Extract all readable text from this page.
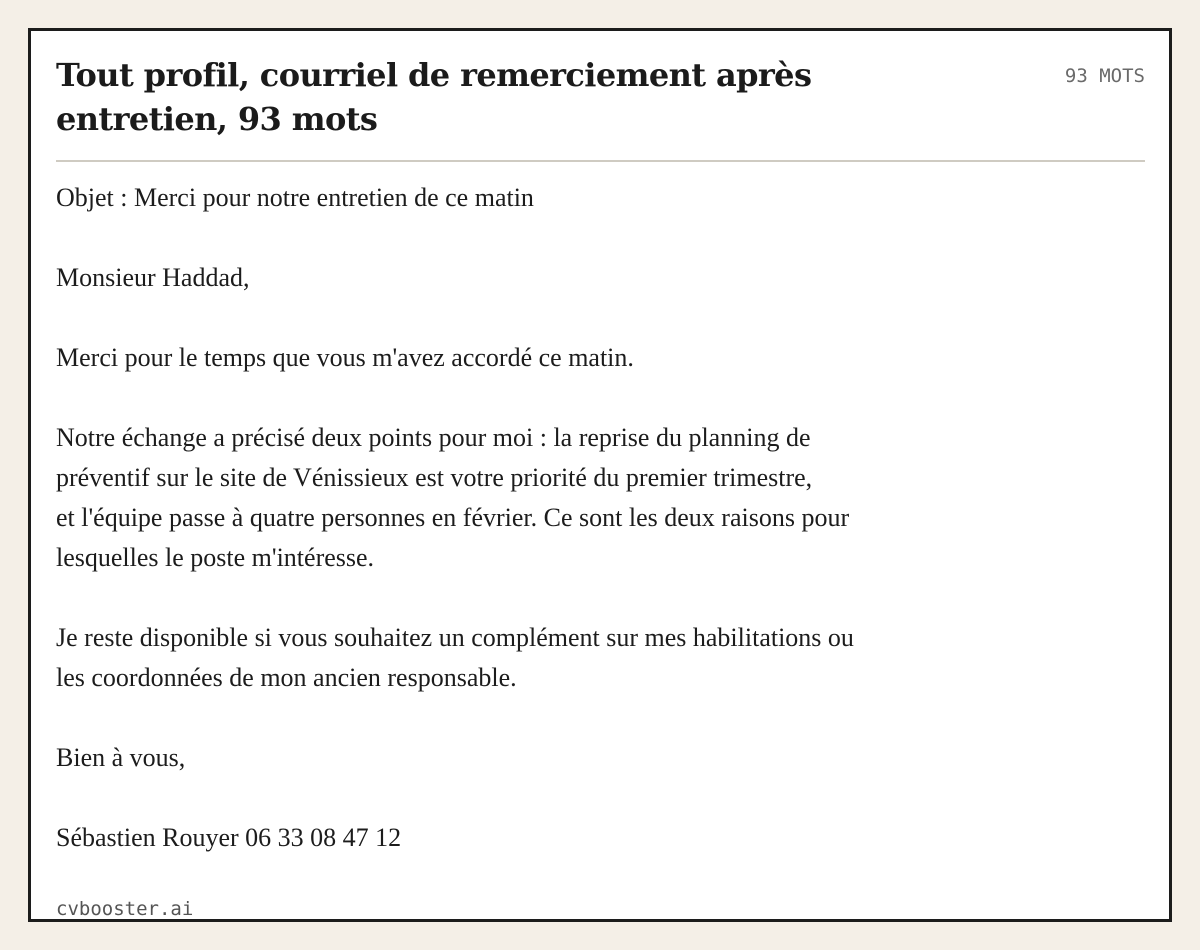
Tout profil, courriel de remerciement après entretien, 93 mots
93 MOTS
Objet : Merci pour notre entretien de ce matin
Monsieur Haddad,
Merci pour le temps que vous m'avez accordé ce matin.
Notre échange a précisé deux points pour moi : la reprise du planning de
préventif sur le site de Vénissieux est votre priorité du premier trimestre,
et l'équipe passe à quatre personnes en février. Ce sont les deux raisons pour
lesquelles le poste m'intéresse.
Je reste disponible si vous souhaitez un complément sur mes habilitations ou
les coordonnées de mon ancien responsable.
Bien à vous,
Sébastien Rouyer 06 33 08 47 12
cvbooster.ai
